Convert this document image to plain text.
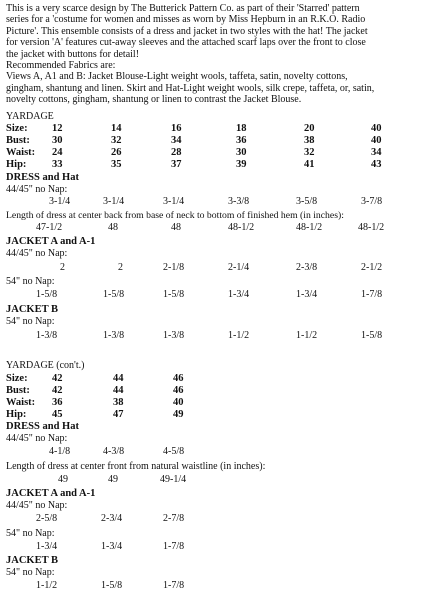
This is a very scarce design by The Butterick Pattern Co. as part of their 'Starred' pattern
series for a 'costume for women and misses as worn by Miss Hepburn in an R.K.O. Radio
Picture'. This ensemble consists of a dress and jacket in two styles with the hat! The jacket
for version 'A' features cut-away sleeves and the attached scarf laps over the front to close
the jacket with buttons for detail!
Recommended Fabrics are:
Views A, A1 and B: Jacket Blouse-Light weight wools, taffeta, satin, novelty cottons,
gingham, shantung and linen. Skirt and Hat-Light weight wools, silk crepe, taffeta, or, satin,
novelty cottons, gingham, shantung or linen to contrast the Jacket Blouse.
YARDAGE
Size: 12	14	16	18	20	40
Bust: 30	32	34	36	38	40
Waist: 24	26	28	30	32	34
Hip: 33	35	37	39	41	43
DRESS and Hat
44/45" no Nap:
3-1/4	3-1/4	3-1/4	3-3/8	3-5/8	3-7/8
Length of dress at center back from base of neck to bottom of finished hem (in inches):
47-1/2	48	48	48-1/2	48-1/2	48-1/2
JACKET A and A-1
44/45" no Nap:
2	2	2-1/8	2-1/4	2-3/8	2-1/2
54" no Nap:
1-5/8	1-5/8	1-5/8	1-3/4	1-3/4	1-7/8
JACKET B
54" no Nap:
1-3/8	1-3/8	1-3/8	1-1/2	1-1/2	1-5/8
YARDAGE (con't.)
Size: 42	44	46
Bust: 42	44	46
Waist: 36	38	40
Hip: 45	47	49
DRESS and Hat
44/45" no Nap:
4-1/8	4-3/8	4-5/8
Length of dress at center front from natural waistline (in inches):
49	49	49-1/4
JACKET A and A-1
44/45" no Nap:
2-5/8	2-3/4	2-7/8
54" no Nap:
1-3/4	1-3/4	1-7/8
JACKET B
54" no Nap:
1-1/2	1-5/8	1-7/8
